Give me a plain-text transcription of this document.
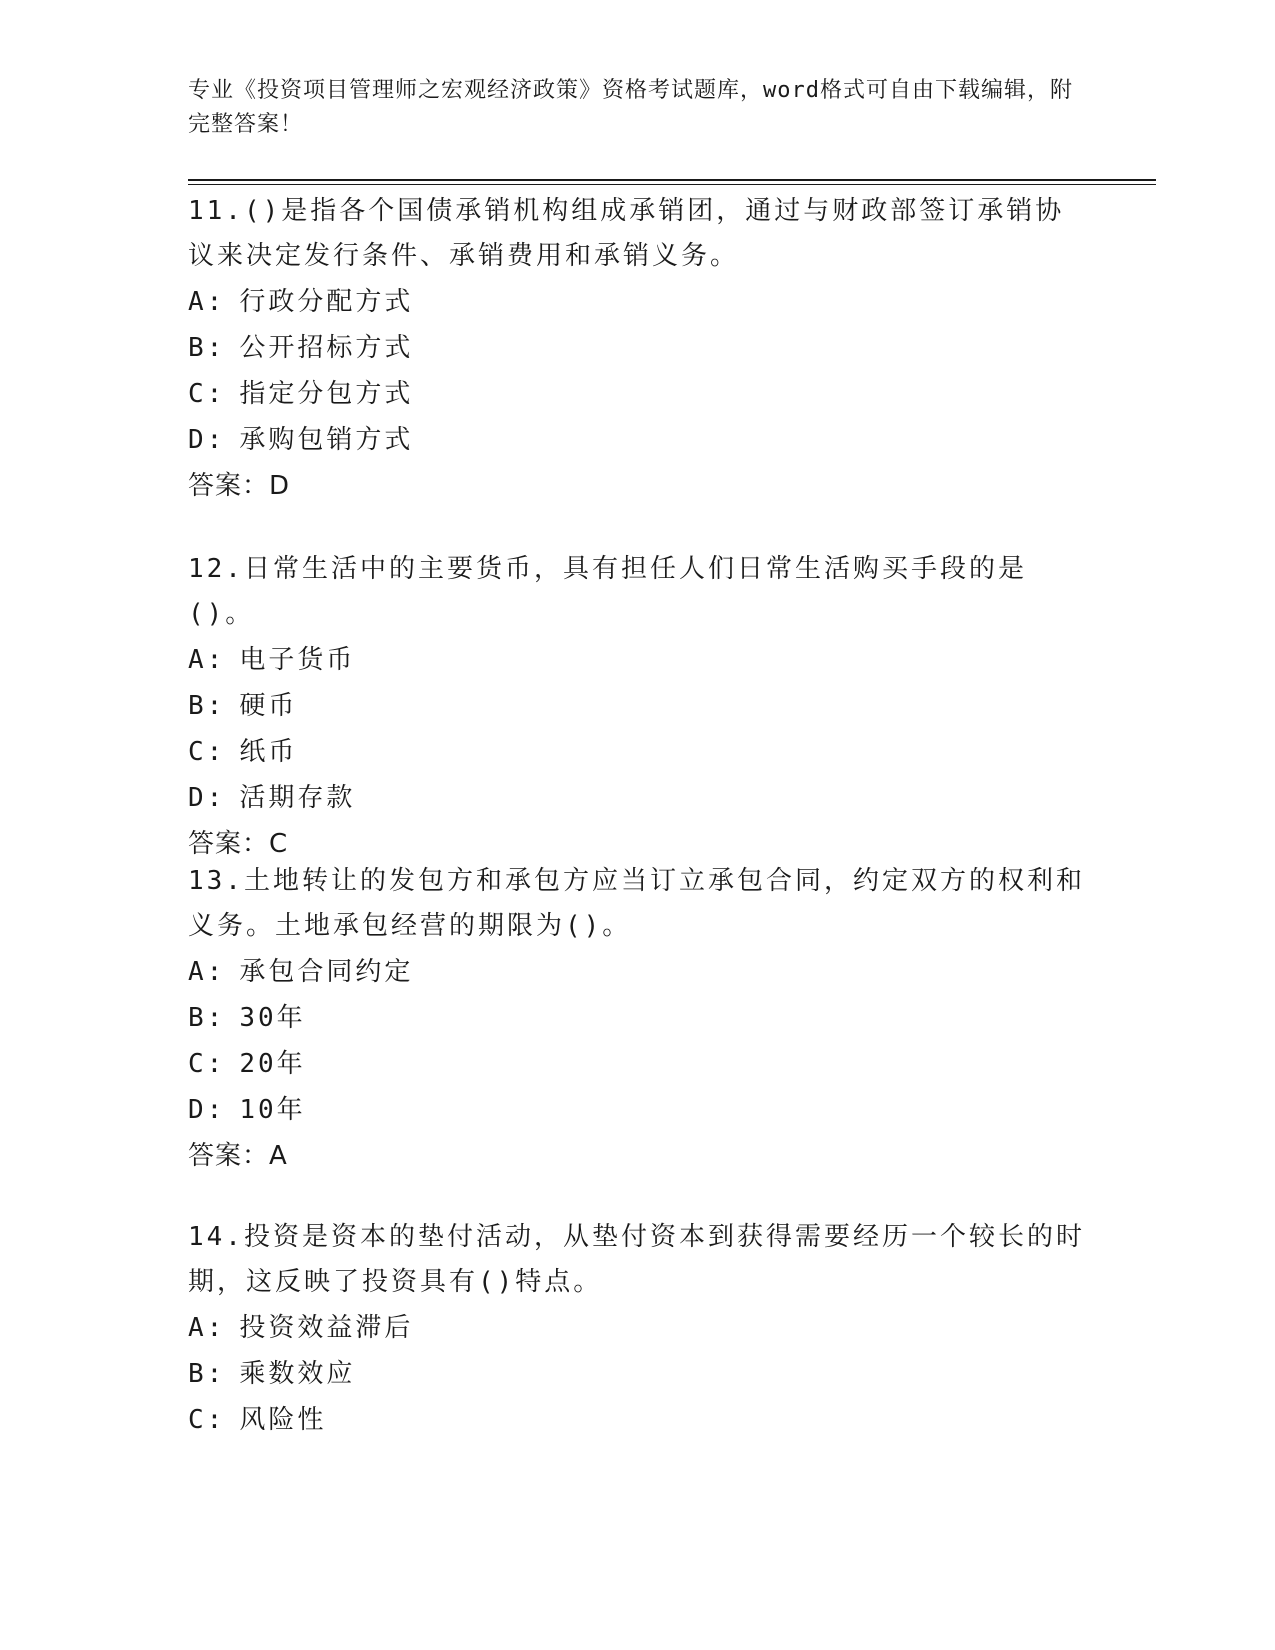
专业《投资项目管理师之宏观经济政策》资格考试题库，word格式可自由下载编辑，附完整答案！

11.()是指各个国债承销机构组成承销团，通过与财政部签订承销协议来决定发行条件、承销费用和承销义务。

A: 行政分配方式

B: 公开招标方式

C: 指定分包方式

D: 承购包销方式

答案：D

12.日常生活中的主要货币，具有担任人们日常生活购买手段的是()。

A: 电子货币

B: 硬币

C: 纸币

D: 活期存款

答案：C

13.土地转让的发包方和承包方应当订立承包合同，约定双方的权利和义务。土地承包经营的期限为()。

A: 承包合同约定

B: 30年

C: 20年

D: 10年

答案：A

14.投资是资本的垫付活动，从垫付资本到获得需要经历一个较长的时期，这反映了投资具有()特点。

A: 投资效益滞后

B: 乘数效应

C: 风险性
